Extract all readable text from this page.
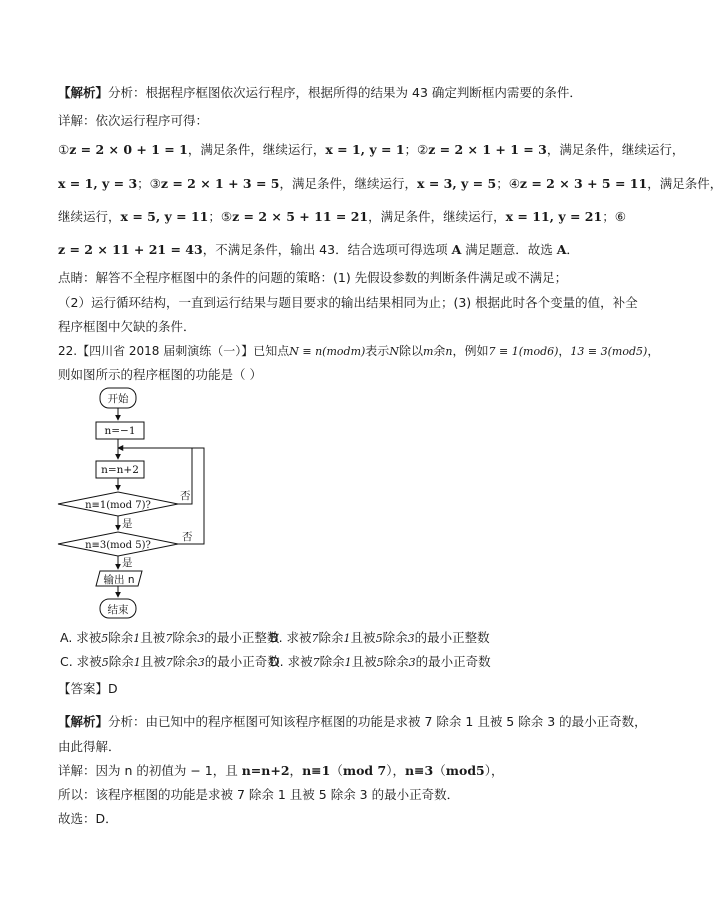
【解析】分析：根据程序框图依次运行程序，根据所得的结果为 43 确定判断框内需要的条件．
详解：依次运行程序可得：
①z = 2 × 0 + 1 = 1，满足条件，继续运行，x = 1, y = 1；②z = 2 × 1 + 1 = 3，满足条件，继续运行，
x = 1, y = 3；③z = 2 × 1 + 3 = 5，满足条件，继续运行，x = 3, y = 5；④z = 2 × 3 + 5 = 11，满足条件，
继续运行，x = 5, y = 11；⑤z = 2 × 5 + 11 = 21，满足条件，继续运行，x = 11, y = 21；⑥
z = 2 × 11 + 21 = 43，不满足条件，输出 43．结合选项可得选项 A 满足题意．故选 A．
点睛：解答不全程序框图中的条件的问题的策略：(1) 先假设参数的判断条件满足或不满足；
（2）运行循环结构，一直到运行结果与题目要求的输出结果相同为止；(3) 根据此时各个变量的值，补全
程序框图中欠缺的条件．
22.【四川省 2018 届刺演练（一）】已知点N ≡ n(modm)表示N除以m余n，例如7 ≡ 1(mod6)，13 ≡ 3(mod5)，
则如图所示的程序框图的功能是（ ）
开始
n=−1
n=n+2
n≡1(mod 7)?
n≡3(mod 5)?
否
是
否
是
输出 n
结束
A. 求被5除余1且被7除余3的最小正整数
B. 求被7除余1且被5除余3的最小正整数
C. 求被5除余1且被7除余3的最小正奇数
D. 求被7除余1且被5除余3的最小正奇数
【答案】D
【解析】分析：由已知中的程序框图可知该程序框图的功能是求被 7 除余 1 且被 5 除余 3 的最小正奇数，
由此得解．
详解：因为 n 的初值为 − 1，且 n=n+2，n≡1（mod 7），n≡3（mod5），
所以：该程序框图的功能是求被 7 除余 1 且被 5 除余 3 的最小正奇数．
故选：D．
